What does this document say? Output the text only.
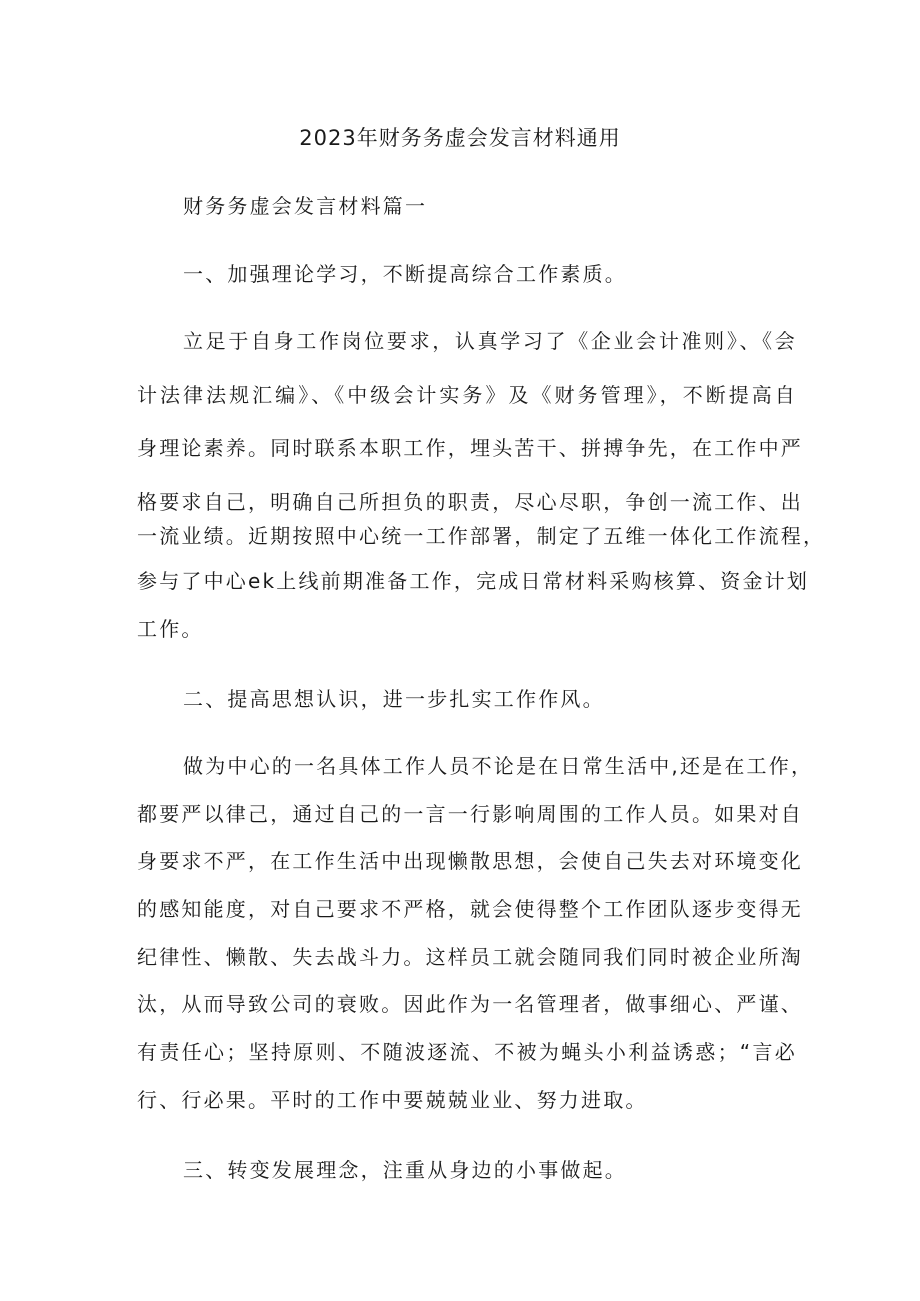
2023年财务务虚会发言材料通用
财务务虚会发言材料篇一
一、加强理论学习，不断提高综合工作素质。
立足于自身工作岗位要求，认真学习了《企业会计准则》、《会
计法律法规汇编》、《中级会计实务》及《财务管理》，不断提高自
身理论素养。同时联系本职工作，埋头苦干、拼搏争先，在工作中严
格要求自己，明确自己所担负的职责，尽心尽职，争创一流工作、出
一流业绩。近期按照中心统一工作部署，制定了五维一体化工作流程，
参与了中心ek上线前期准备工作，完成日常材料采购核算、资金计划
工作。
二、提高思想认识，进一步扎实工作作风。
做为中心的一名具体工作人员不论是在日常生活中,还是在工作，
都要严以律己，通过自己的一言一行影响周围的工作人员。如果对自
身要求不严，在工作生活中出现懒散思想，会使自己失去对环境变化
的感知能度，对自己要求不严格，就会使得整个工作团队逐步变得无
纪律性、懒散、失去战斗力。这样员工就会随同我们同时被企业所淘
汰，从而导致公司的衰败。因此作为一名管理者，做事细心、严谨、
有责任心；坚持原则、不随波逐流、不被为蝇头小利益诱惑；“言必
行、行必果。平时的工作中要兢兢业业、努力进取。
三、转变发展理念，注重从身边的小事做起。
